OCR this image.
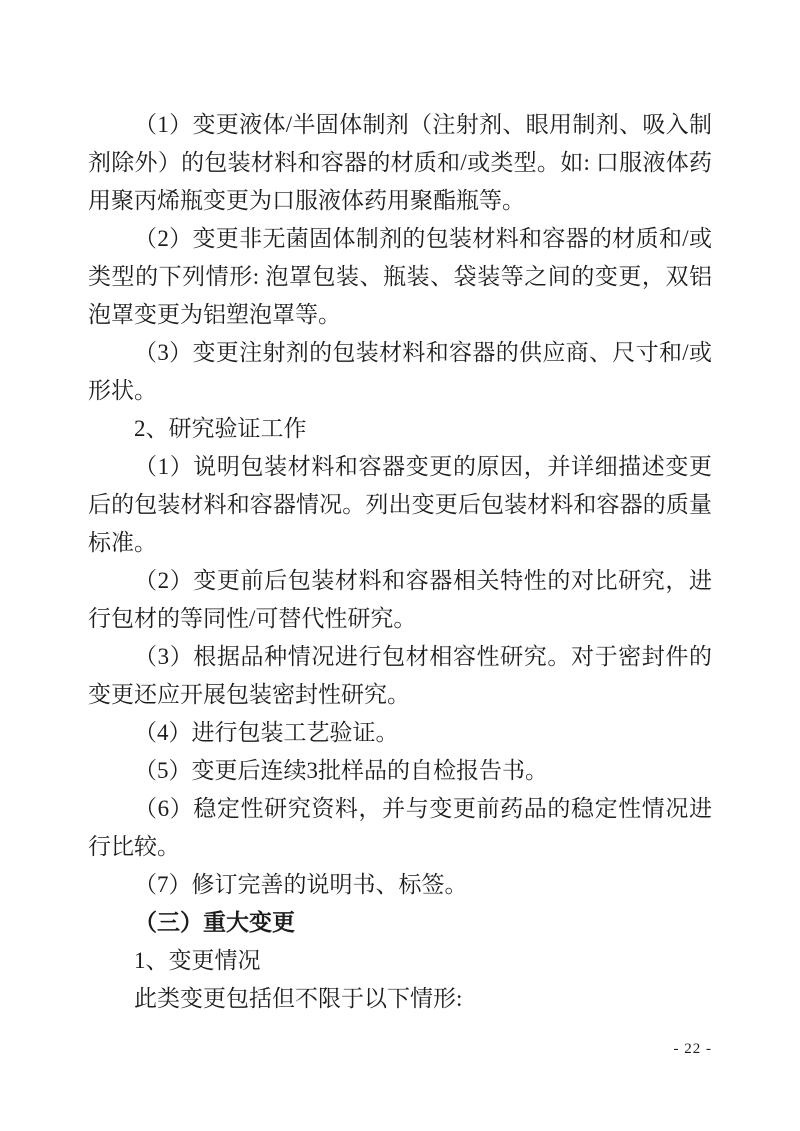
（1）变更液体/半固体制剂（注射剂、眼用制剂、吸入制剂除外）的包装材料和容器的材质和/或类型。如: 口服液体药用聚丙烯瓶变更为口服液体药用聚酯瓶等。

（2）变更非无菌固体制剂的包装材料和容器的材质和/或类型的下列情形: 泡罩包装、瓶装、袋装等之间的变更，双铝泡罩变更为铝塑泡罩等。

（3）变更注射剂的包装材料和容器的供应商、尺寸和/或形状。

2、研究验证工作

（1）说明包装材料和容器变更的原因，并详细描述变更后的包装材料和容器情况。列出变更后包装材料和容器的质量标准。

（2）变更前后包装材料和容器相关特性的对比研究，进行包材的等同性/可替代性研究。

（3）根据品种情况进行包材相容性研究。对于密封件的变更还应开展包装密封性研究。

（4）进行包装工艺验证。

（5）变更后连续3批样品的自检报告书。

（6）稳定性研究资料，并与变更前药品的稳定性情况进行比较。

（7）修订完善的说明书、标签。

（三）重大变更

1、变更情况

此类变更包括但不限于以下情形:

- 22 -
